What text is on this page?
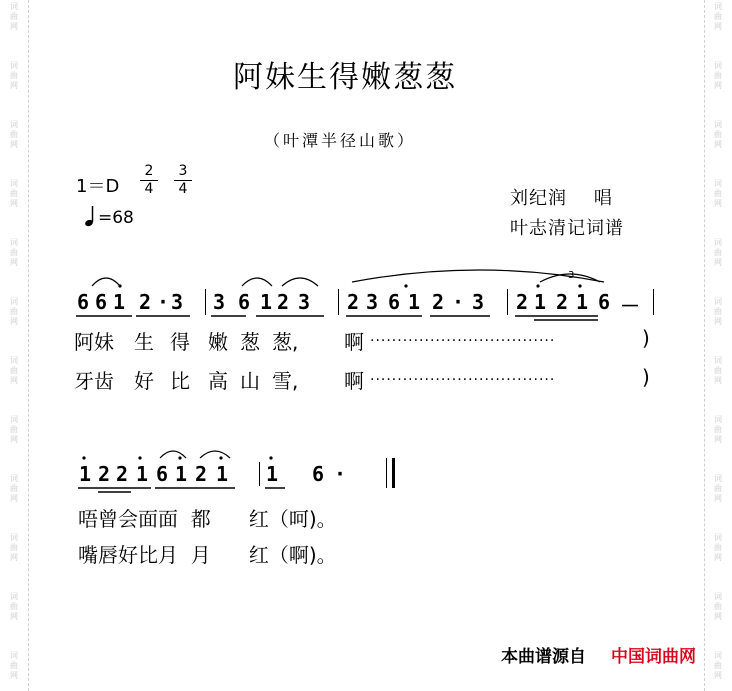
词
曲
网
词
曲
网
词
曲
网
词
曲
网
词
曲
网
词
曲
网
词
曲
网
词
曲
网
词
曲
网
词
曲
网
词
曲
网
词
曲
网
词
曲
网
词
曲
网
词
曲
网
词
曲
网
词
曲
网
词
曲
网
词
曲
网
词
曲
网
词
曲
网
词
曲
网
词
曲
网
词
曲
网
阿妹生得嫩葱葱
（叶潭半径山歌）
1＝D
2
4
3
4
=68
刘纪润    唱
叶志清记词谱
6 6 1 2 · 3 3 6 1 2 3 2 3 6 1 2 · 3 2 1 2 1 6 －
阿妹 生 得 嫩 葱 葱, 啊
牙齿 好 比 高 山 雪, 啊
··································
··································
)
)
1 2 2 1 6 1 2 1 1 6 ·
唔曾会面面  都      红（呵)。
嘴唇好比月  月      红（啊)。
本曲谱源自 中国词曲网
3
